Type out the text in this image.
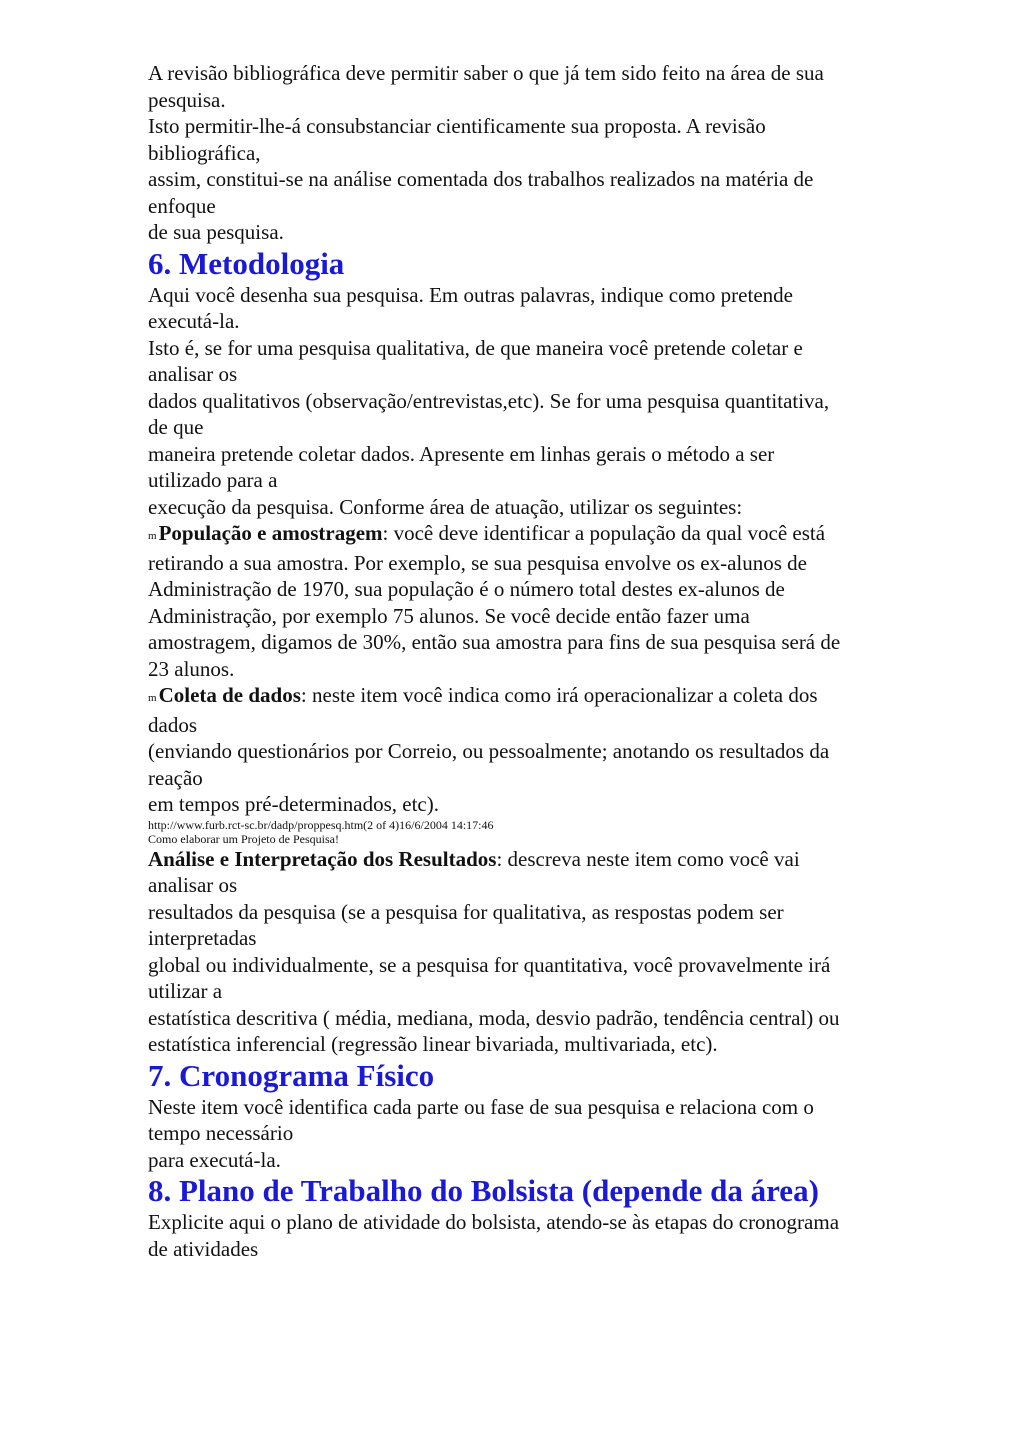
A revisão bibliográfica deve permitir saber o que já tem sido feito na área de sua
pesquisa.
Isto permitir-lhe-á consubstanciar cientificamente sua proposta. A revisão
bibliográfica,
assim, constitui-se na análise comentada dos trabalhos realizados na matéria de
enfoque
de sua pesquisa.
6. Metodologia
Aqui você desenha sua pesquisa. Em outras palavras, indique como pretende
executá-la.
Isto é, se for uma pesquisa qualitativa, de que maneira você pretende coletar e
analisar os
dados qualitativos (observação/entrevistas,etc). Se for uma pesquisa quantitativa,
de que
maneira pretende coletar dados. Apresente em linhas gerais o método a ser
utilizado para a
execução da pesquisa. Conforme área de atuação, utilizar os seguintes:
mPopulação e amostragem: você deve identificar a população da qual você está
retirando a sua amostra. Por exemplo, se sua pesquisa envolve os ex-alunos de
Administração de 1970, sua população é o número total destes ex-alunos de
Administração, por exemplo 75 alunos. Se você decide então fazer uma
amostragem, digamos de 30%, então sua amostra para fins de sua pesquisa será de
23 alunos.
mColeta de dados: neste item você indica como irá operacionalizar a coleta dos
dados
(enviando questionários por Correio, ou pessoalmente; anotando os resultados da
reação
em tempos pré-determinados, etc).
http://www.furb.rct-sc.br/dadp/proppesq.htm(2 of 4)16/6/2004 14:17:46
Como elaborar um Projeto de Pesquisa!
Análise e Interpretação dos Resultados: descreva neste item como você vai
analisar os
resultados da pesquisa (se a pesquisa for qualitativa, as respostas podem ser
interpretadas
global ou individualmente, se a pesquisa for quantitativa, você provavelmente irá
utilizar a
estatística descritiva ( média, mediana, moda, desvio padrão, tendência central) ou
estatística inferencial (regressão linear bivariada, multivariada, etc).
7. Cronograma Físico
Neste item você identifica cada parte ou fase de sua pesquisa e relaciona com o
tempo necessário
para executá-la.
8. Plano de Trabalho do Bolsista (depende da área)
Explicite aqui o plano de atividade do bolsista, atendo-se às etapas do cronograma
de atividades
